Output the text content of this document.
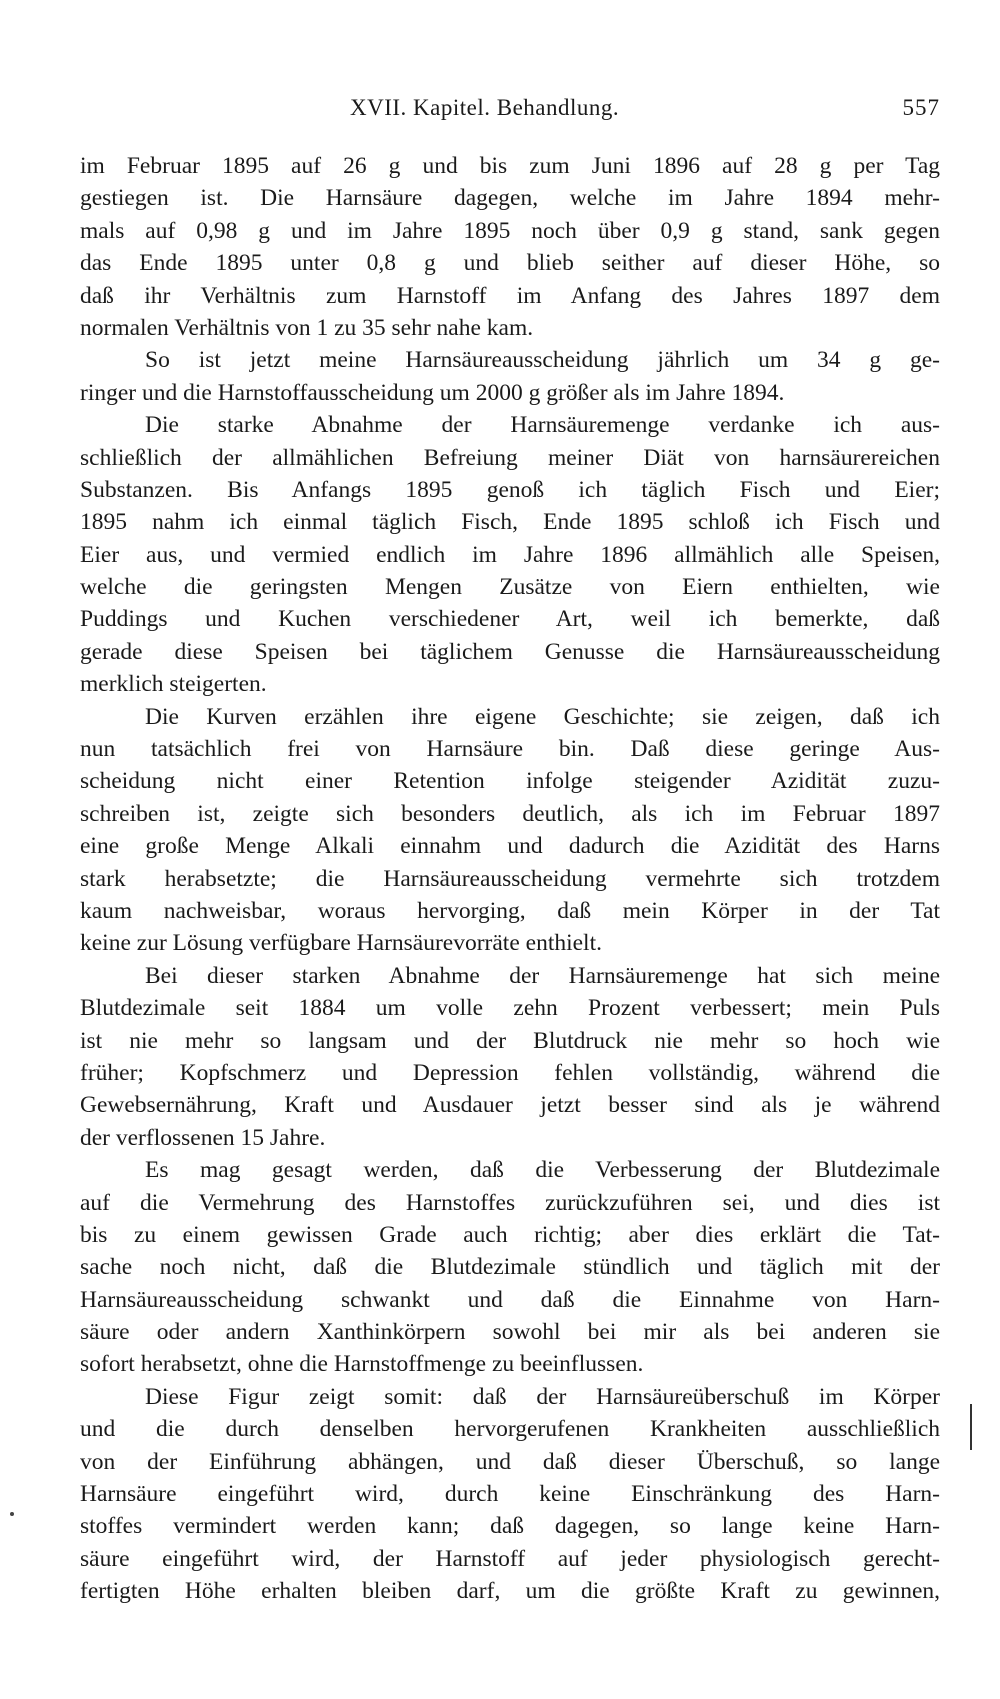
XVII. Kapitel. Behandlung.	557
im Februar 1895 auf 26 g und bis zum Juni 1896 auf 28 g per Tag
gestiegen ist. Die Harnsäure dagegen, welche im Jahre 1894 mehr-
mals auf 0,98 g und im Jahre 1895 noch über 0,9 g stand, sank gegen
das Ende 1895 unter 0,8 g und blieb seither auf dieser Höhe, so
daß ihr Verhältnis zum Harnstoff im Anfang des Jahres 1897 dem
normalen Verhältnis von 1 zu 35 sehr nahe kam.
So ist jetzt meine Harnsäureausscheidung jährlich um 34 g ge-
ringer und die Harnstoffausscheidung um 2000 g größer als im Jahre 1894.
Die starke Abnahme der Harnsäuremenge verdanke ich aus-
schließlich der allmählichen Befreiung meiner Diät von harnsäurereichen
Substanzen. Bis Anfangs 1895 genoß ich täglich Fisch und Eier;
1895 nahm ich einmal täglich Fisch, Ende 1895 schloß ich Fisch und
Eier aus, und vermied endlich im Jahre 1896 allmählich alle Speisen,
welche die geringsten Mengen Zusätze von Eiern enthielten, wie
Puddings und Kuchen verschiedener Art, weil ich bemerkte, daß
gerade diese Speisen bei täglichem Genusse die Harnsäureausscheidung
merklich steigerten.
Die Kurven erzählen ihre eigene Geschichte; sie zeigen, daß ich
nun tatsächlich frei von Harnsäure bin. Daß diese geringe Aus-
scheidung nicht einer Retention infolge steigender Azidität zuzu-
schreiben ist, zeigte sich besonders deutlich, als ich im Februar 1897
eine große Menge Alkali einnahm und dadurch die Azidität des Harns
stark herabsetzte; die Harnsäureausscheidung vermehrte sich trotzdem
kaum nachweisbar, woraus hervorging, daß mein Körper in der Tat
keine zur Lösung verfügbare Harnsäurevorräte enthielt.
Bei dieser starken Abnahme der Harnsäuremenge hat sich meine
Blutdezimale seit 1884 um volle zehn Prozent verbessert; mein Puls
ist nie mehr so langsam und der Blutdruck nie mehr so hoch wie
früher; Kopfschmerz und Depression fehlen vollständig, während die
Gewebsernährung, Kraft und Ausdauer jetzt besser sind als je während
der verflossenen 15 Jahre.
Es mag gesagt werden, daß die Verbesserung der Blutdezimale
auf die Vermehrung des Harnstoffes zurückzuführen sei, und dies ist
bis zu einem gewissen Grade auch richtig; aber dies erklärt die Tat-
sache noch nicht, daß die Blutdezimale stündlich und täglich mit der
Harnsäureausscheidung schwankt und daß die Einnahme von Harn-
säure oder andern Xanthinkörpern sowohl bei mir als bei anderen sie
sofort herabsetzt, ohne die Harnstoffmenge zu beeinflussen.
Diese Figur zeigt somit: daß der Harnsäureüberschuß im Körper
und die durch denselben hervorgerufenen Krankheiten ausschließlich
von der Einführung abhängen, und daß dieser Überschuß, so lange
Harnsäure eingeführt wird, durch keine Einschränkung des Harn-
stoffes vermindert werden kann; daß dagegen, so lange keine Harn-
säure eingeführt wird, der Harnstoff auf jeder physiologisch gerecht-
fertigten Höhe erhalten bleiben darf, um die größte Kraft zu gewinnen,
